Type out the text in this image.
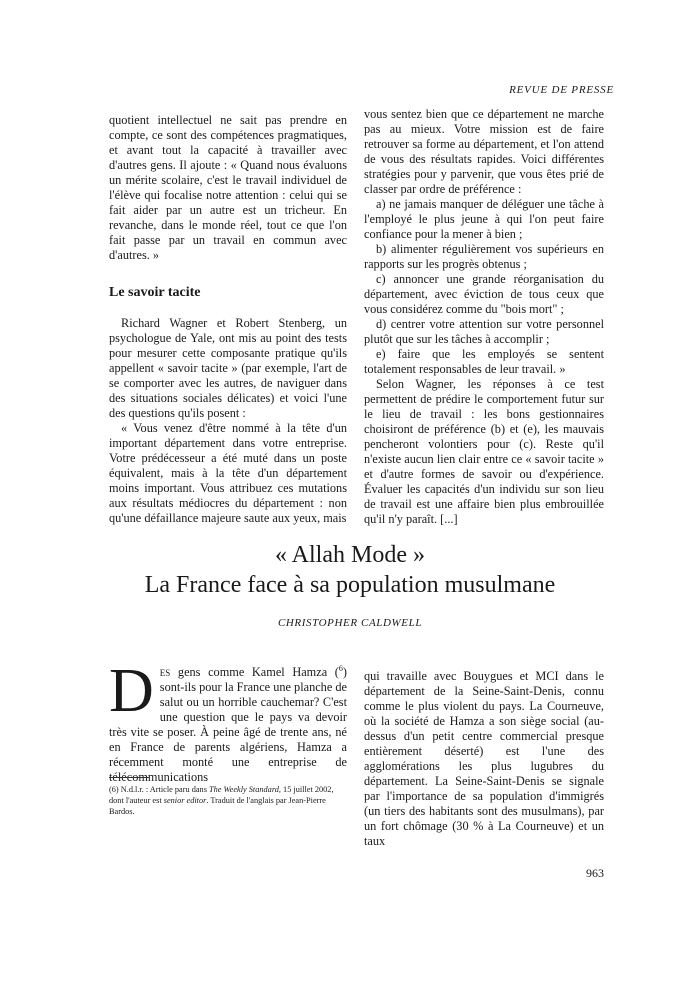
REVUE DE PRESSE

quotient intellectuel ne sait pas prendre en compte, ce sont des compétences pragmatiques, et avant tout la capacité à travailler avec d'autres gens. Il ajoute : « Quand nous évaluons un mérite scolaire, c'est le travail individuel de l'élève qui focalise notre attention : celui qui se fait aider par un autre est un tricheur. En revanche, dans le monde réel, tout ce que l'on fait passe par un travail en commun avec d'autres. »

Le savoir tacite

Richard Wagner et Robert Stenberg, un psychologue de Yale, ont mis au point des tests pour mesurer cette composante pratique qu'ils appellent « savoir tacite » (par exemple, l'art de se comporter avec les autres, de naviguer dans des situations sociales délicates) et voici l'une des questions qu'ils posent :

« Vous venez d'être nommé à la tête d'un important département dans votre entreprise. Votre prédécesseur a été muté dans un poste équivalent, mais à la tête d'un département moins important. Vous attribuez ces mutations aux résultats médiocres du département : non qu'une défaillance majeure saute aux yeux, mais

vous sentez bien que ce département ne marche pas au mieux. Votre mission est de faire retrouver sa forme au département, et l'on attend de vous des résultats rapides. Voici différentes stratégies pour y parvenir, que vous êtes prié de classer par ordre de préférence :

a) ne jamais manquer de déléguer une tâche à l'employé le plus jeune à qui l'on peut faire confiance pour la mener à bien ;

b) alimenter régulièrement vos supérieurs en rapports sur les progrès obtenus ;

c) annoncer une grande réorganisation du département, avec éviction de tous ceux que vous considérez comme du "bois mort" ;

d) centrer votre attention sur votre personnel plutôt que sur les tâches à accomplir ;

e) faire que les employés se sentent totalement responsables de leur travail. »

Selon Wagner, les réponses à ce test permettent de prédire le comportement futur sur le lieu de travail : les bons gestionnaires choisiront de préférence (b) et (e), les mauvais pencheront volontiers pour (c). Reste qu'il n'existe aucun lien clair entre ce « savoir tacite » et d'autre formes de savoir ou d'expérience. Évaluer les capacités d'un individu sur son lieu de travail est une affaire bien plus embrouillée qu'il n'y paraît. [...]

« Allah Mode »
La France face à sa population musulmane
CHRISTOPHER CALDWELL
Des gens comme Kamel Hamza ($^6$) sont-ils pour la France une planche de salut ou un horrible cauchemar? C'est une question que le pays va devoir très vite se poser. À peine âgé de trente ans, né en France de parents algériens, Hamza a récemment monté une entreprise de télécommunications
qui travaille avec Bouygues et MCI dans le département de la Seine-Saint-Denis, connu comme le plus violent du pays. La Courneuve, où la société de Hamza a son siège social (au-dessus d'un petit centre commercial presque entièrement déserté) est l'une des agglomérations les plus lugubres du département. La Seine-Saint-Denis se signale par l'importance de sa population d'immigrés (un tiers des habitants sont des musulmans), par un fort chômage (30 % à La Courneuve) et un taux
(6) N.d.l.r. : Article paru dans The Weekly Standard, 15 juillet 2002, dont l'auteur est senior editor. Traduit de l'anglais par Jean-Pierre Bardos.
963
